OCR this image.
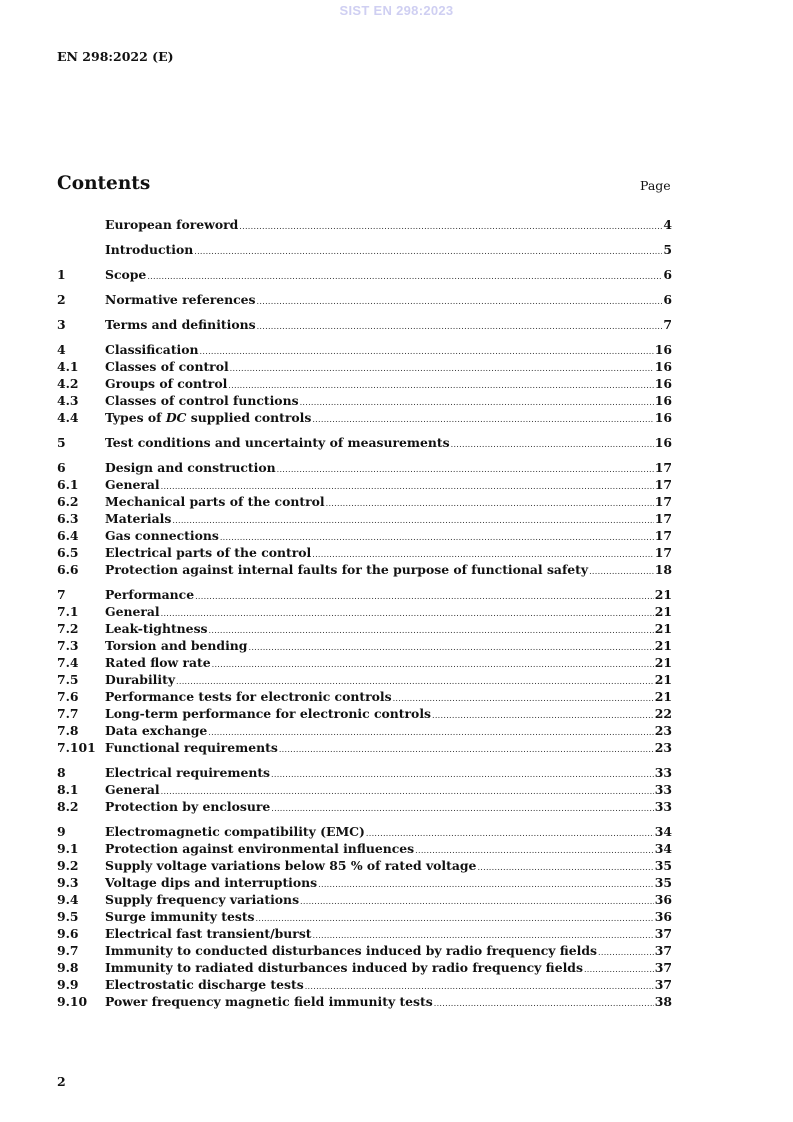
SIST EN 298:2023
EN 298:2022 (E)
Contents	Page
European foreword .....	4
Introduction .....	5
1	Scope .....	6
2	Normative references .....	6
3	Terms and definitions .....	7
4	Classification .....	16
4.1	Classes of control .....	16
4.2	Groups of control .....	16
4.3	Classes of control functions .....	16
4.4	Types of DC supplied controls .....	16
5	Test conditions and uncertainty of measurements .....	16
6	Design and construction .....	17
6.1	General .....	17
6.2	Mechanical parts of the control .....	17
6.3	Materials .....	17
6.4	Gas connections .....	17
6.5	Electrical parts of the control .....	17
6.6	Protection against internal faults for the purpose of functional safety .....	18
7	Performance .....	21
7.1	General .....	21
7.2	Leak-tightness .....	21
7.3	Torsion and bending .....	21
7.4	Rated flow rate .....	21
7.5	Durability .....	21
7.6	Performance tests for electronic controls .....	21
7.7	Long-term performance for electronic controls .....	22
7.8	Data exchange .....	23
7.101 Functional requirements .....	23
8	Electrical requirements .....	33
8.1	General .....	33
8.2	Protection by enclosure .....	33
9	Electromagnetic compatibility (EMC) .....	34
9.1	Protection against environmental influences .....	34
9.2	Supply voltage variations below 85 % of rated voltage .....	35
9.3	Voltage dips and interruptions .....	35
9.4	Supply frequency variations .....	36
9.5	Surge immunity tests .....	36
9.6	Electrical fast transient/burst .....	37
9.7	Immunity to conducted disturbances induced by radio frequency fields .....	37
9.8	Immunity to radiated disturbances induced by radio frequency fields .....	37
9.9	Electrostatic discharge tests .....	37
9.10	Power frequency magnetic field immunity tests .....	38
2
